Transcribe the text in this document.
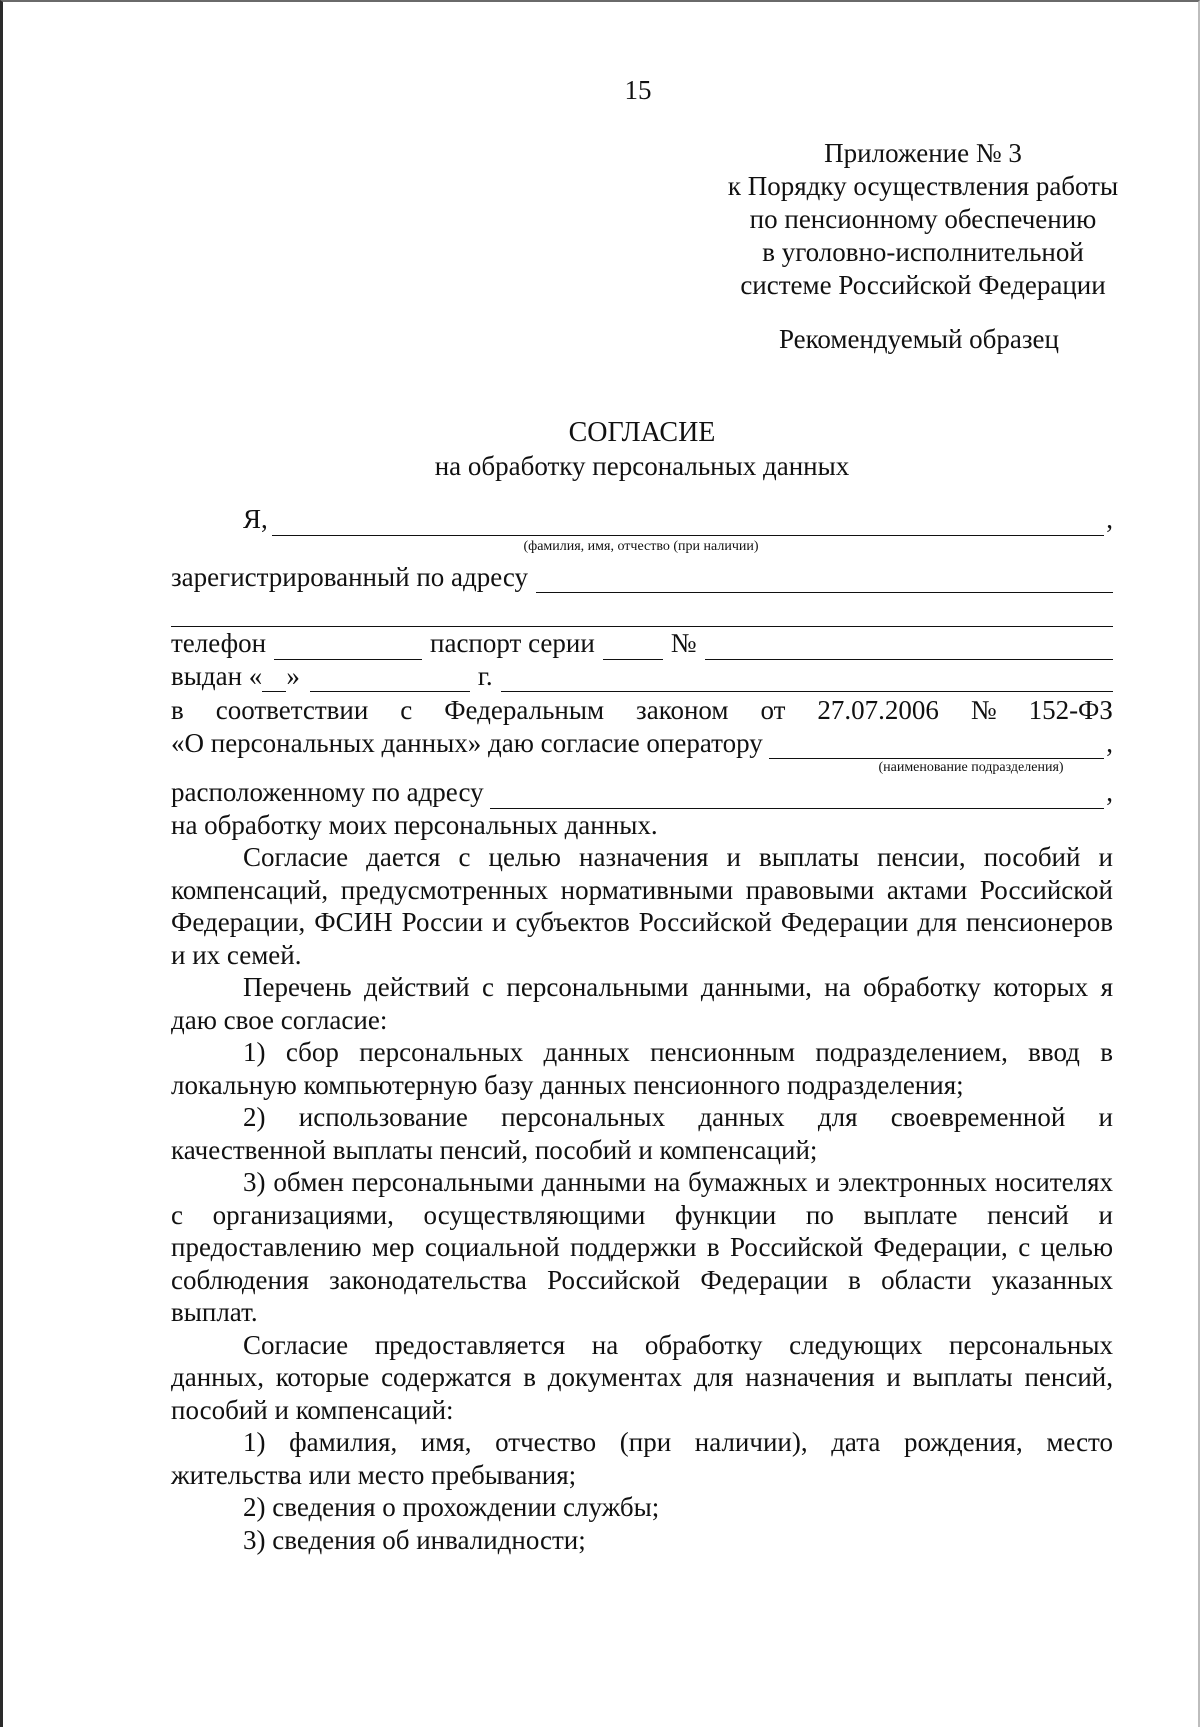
15
Приложение № 3
к Порядку осуществления работы
по пенсионному обеспечению
в уголовно-исполнительной
системе Российской Федерации
Рекомендуемый образец
СОГЛАСИЕ
на обработку персональных данных
Я,	,
(фамилия, имя, отчество (при наличии)
зарегистрированный по адресу
телефон	паспорт серии	№
выдан « »	г.
в соответствии с Федеральным законом от 27.07.2006 № 152-ФЗ
«О персональных данных» даю согласие оператору	,
(наименование подразделения)
расположенному по адресу	,

на обработку моих персональных данных.

Согласие дается с целью назначения и выплаты пенсии, пособий и компенсаций, предусмотренных нормативными правовыми актами Российской Федерации, ФСИН России и субъектов Российской Федерации для пенсионеров и их семей.

Перечень действий с персональными данными, на обработку которых я даю свое согласие:

1) сбор персональных данных пенсионным подразделением, ввод в локальную компьютерную базу данных пенсионного подразделения;

2) использование персональных данных для своевременной и качественной выплаты пенсий, пособий и компенсаций;

3) обмен персональными данными на бумажных и электронных носителях с организациями, осуществляющими функции по выплате пенсий и предоставлению мер социальной поддержки в Российской Федерации, с целью соблюдения законодательства Российской Федерации в области указанных выплат.

Согласие предоставляется на обработку следующих персональных данных, которые содержатся в документах для назначения и выплаты пенсий, пособий и компенсаций:

1) фамилия, имя, отчество (при наличии), дата рождения, место жительства или место пребывания;

2) сведения о прохождении службы;

3) сведения об инвалидности;
